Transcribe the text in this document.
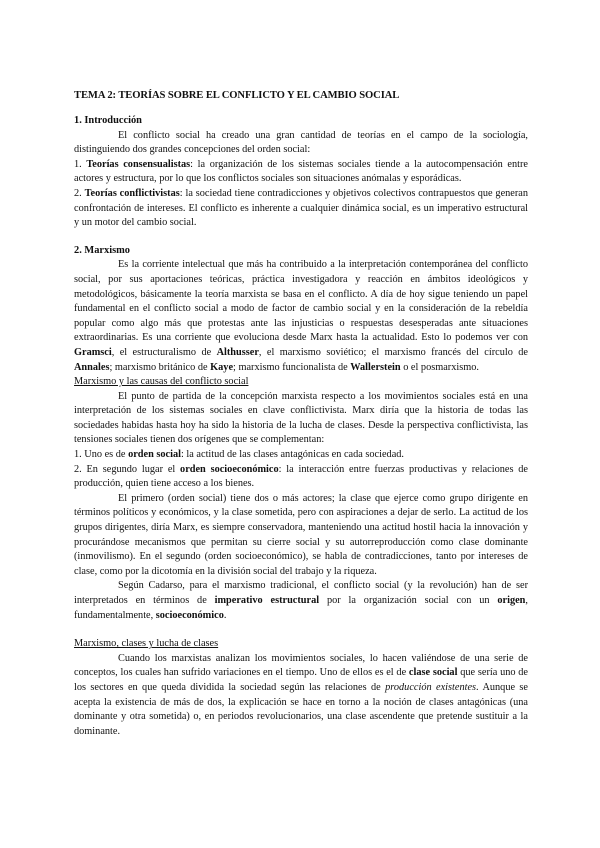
TEMA 2: TEORÍAS SOBRE EL CONFLICTO Y EL CAMBIO SOCIAL
1. Introducción

El conflicto social ha creado una gran cantidad de teorías en el campo de la sociología, distinguiendo dos grandes concepciones del orden social:

1. Teorías consensualistas: la organización de los sistemas sociales tiende a la autocompensación entre actores y estructura, por lo que los conflictos sociales son situaciones anómalas y esporádicas.

2. Teorías conflictivistas: la sociedad tiene contradicciones y objetivos colectivos contrapuestos que generan confrontación de intereses. El conflicto es inherente a cualquier dinámica social, es un imperativo estructural y un motor del cambio social.

2. Marxismo

Es la corriente intelectual que más ha contribuido a la interpretación contemporánea del conflicto social, por sus aportaciones teóricas, práctica investigadora y reacción en ámbitos ideológicos y metodológicos, básicamente la teoría marxista se basa en el conflicto. A día de hoy sigue teniendo un papel fundamental en el conflicto social a modo de factor de cambio social y en la consideración de la rebeldía popular como algo más que protestas ante las injusticias o respuestas desesperadas ante situaciones extraordinarias. Es una corriente que evoluciona desde Marx hasta la actualidad. Esto lo podemos ver con Gramsci, el estructuralismo de Althusser, el marxismo soviético; el marxismo francés del círculo de Annales; marxismo británico de Kaye; marxismo funcionalista de Wallerstein o el posmarxismo.

Marxismo y las causas del conflicto social

El punto de partida de la concepción marxista respecto a los movimientos sociales está en una interpretación de los sistemas sociales en clave conflictivista. Marx diría que la historia de todas las sociedades habidas hasta hoy ha sido la historia de la lucha de clases. Desde la perspectiva conflictivista, las tensiones sociales tienen dos orígenes que se complementan:

1. Uno es de orden social: la actitud de las clases antagónicas en cada sociedad.

2. En segundo lugar el orden socioeconómico: la interacción entre fuerzas productivas y relaciones de producción, quien tiene acceso a los bienes.

El primero (orden social) tiene dos o más actores; la clase que ejerce como grupo dirigente en términos políticos y económicos, y la clase sometida, pero con aspiraciones a dejar de serlo. La actitud de los grupos dirigentes, diría Marx, es siempre conservadora, manteniendo una actitud hostil hacia la innovación y procurándose mecanismos que permitan su cierre social y su autorreproducción como clase dominante (inmovilismo). En el segundo (orden socioeconómico), se habla de contradicciones, tanto por intereses de clase, como por la dicotomía en la división social del trabajo y la riqueza.

Según Cadarso, para el marxismo tradicional, el conflicto social (y la revolución) han de ser interpretados en términos de imperativo estructural por la organización social con un origen, fundamentalmente, socioeconómico.

Marxismo, clases y lucha de clases

Cuando los marxistas analizan los movimientos sociales, lo hacen valiéndose de una serie de conceptos, los cuales han sufrido variaciones en el tiempo. Uno de ellos es el de clase social que sería uno de los sectores en que queda dividida la sociedad según las relaciones de producción existentes. Aunque se acepta la existencia de más de dos, la explicación se hace en torno a la noción de clases antagónicas (una dominante y otra sometida) o, en periodos revolucionarios, una clase ascendente que pretende sustituir a la dominante.
